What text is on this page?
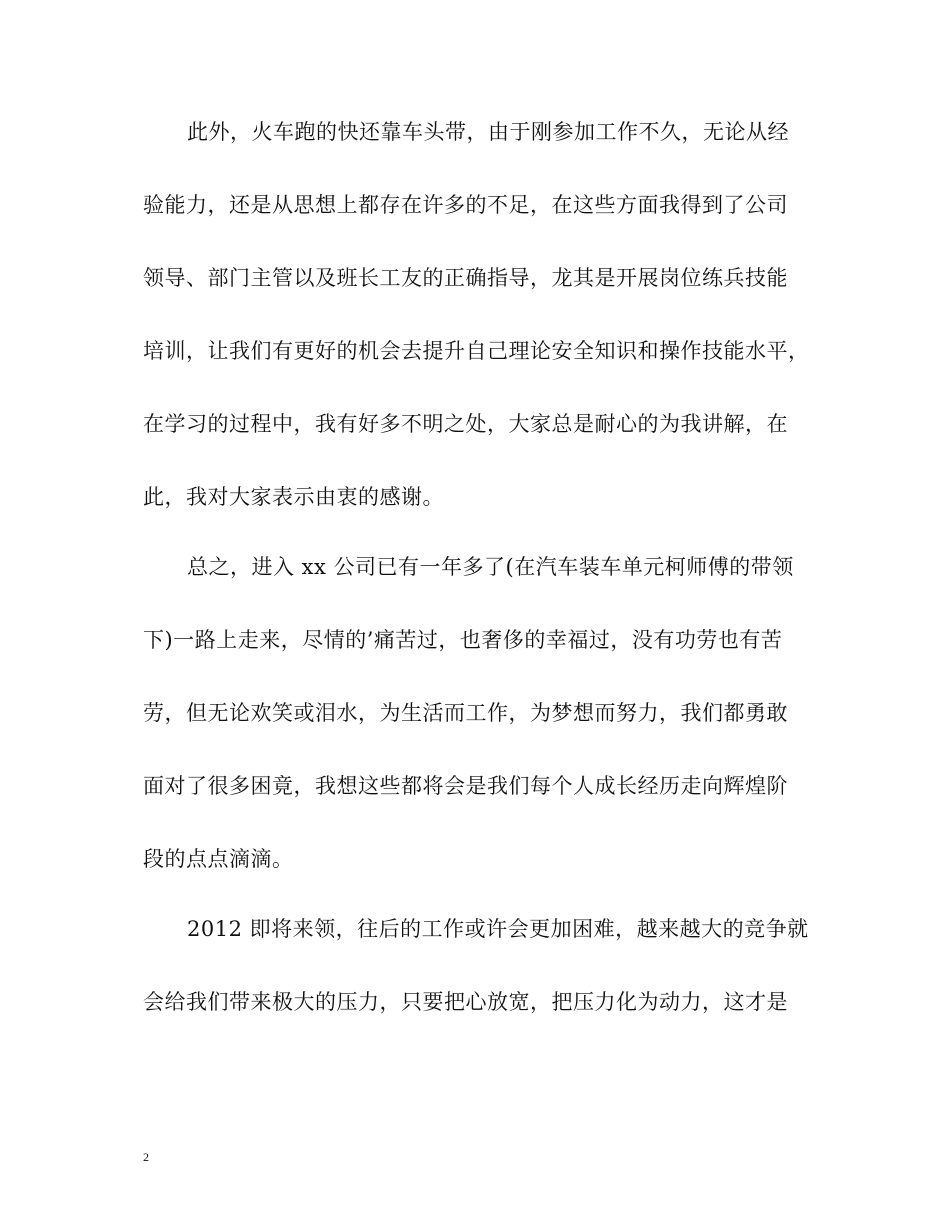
此外，火车跑的快还靠车头带，由于刚参加工作不久，无论从经
验能力，还是从思想上都存在许多的不足，在这些方面我得到了公司
领导、部门主管以及班长工友的正确指导，龙其是开展岗位练兵技能
培训，让我们有更好的机会去提升自己理论安全知识和操作技能水平，
在学习的过程中，我有好多不明之处，大家总是耐心的为我讲解，在
此，我对大家表示由衷的感谢。
总之，进入 xx 公司已有一年多了(在汽车装车单元柯师傅的带领
下)一路上走来，尽情的’痛苦过，也奢侈的幸福过，没有功劳也有苦
劳，但无论欢笑或泪水，为生活而工作，为梦想而努力，我们都勇敢
面对了很多困竟，我想这些都将会是我们每个人成长经历走向辉煌阶
段的点点滴滴。
2012 即将来领，往后的工作或许会更加困难，越来越大的竞争就
会给我们带来极大的压力，只要把心放宽，把压力化为动力，这才是
2
